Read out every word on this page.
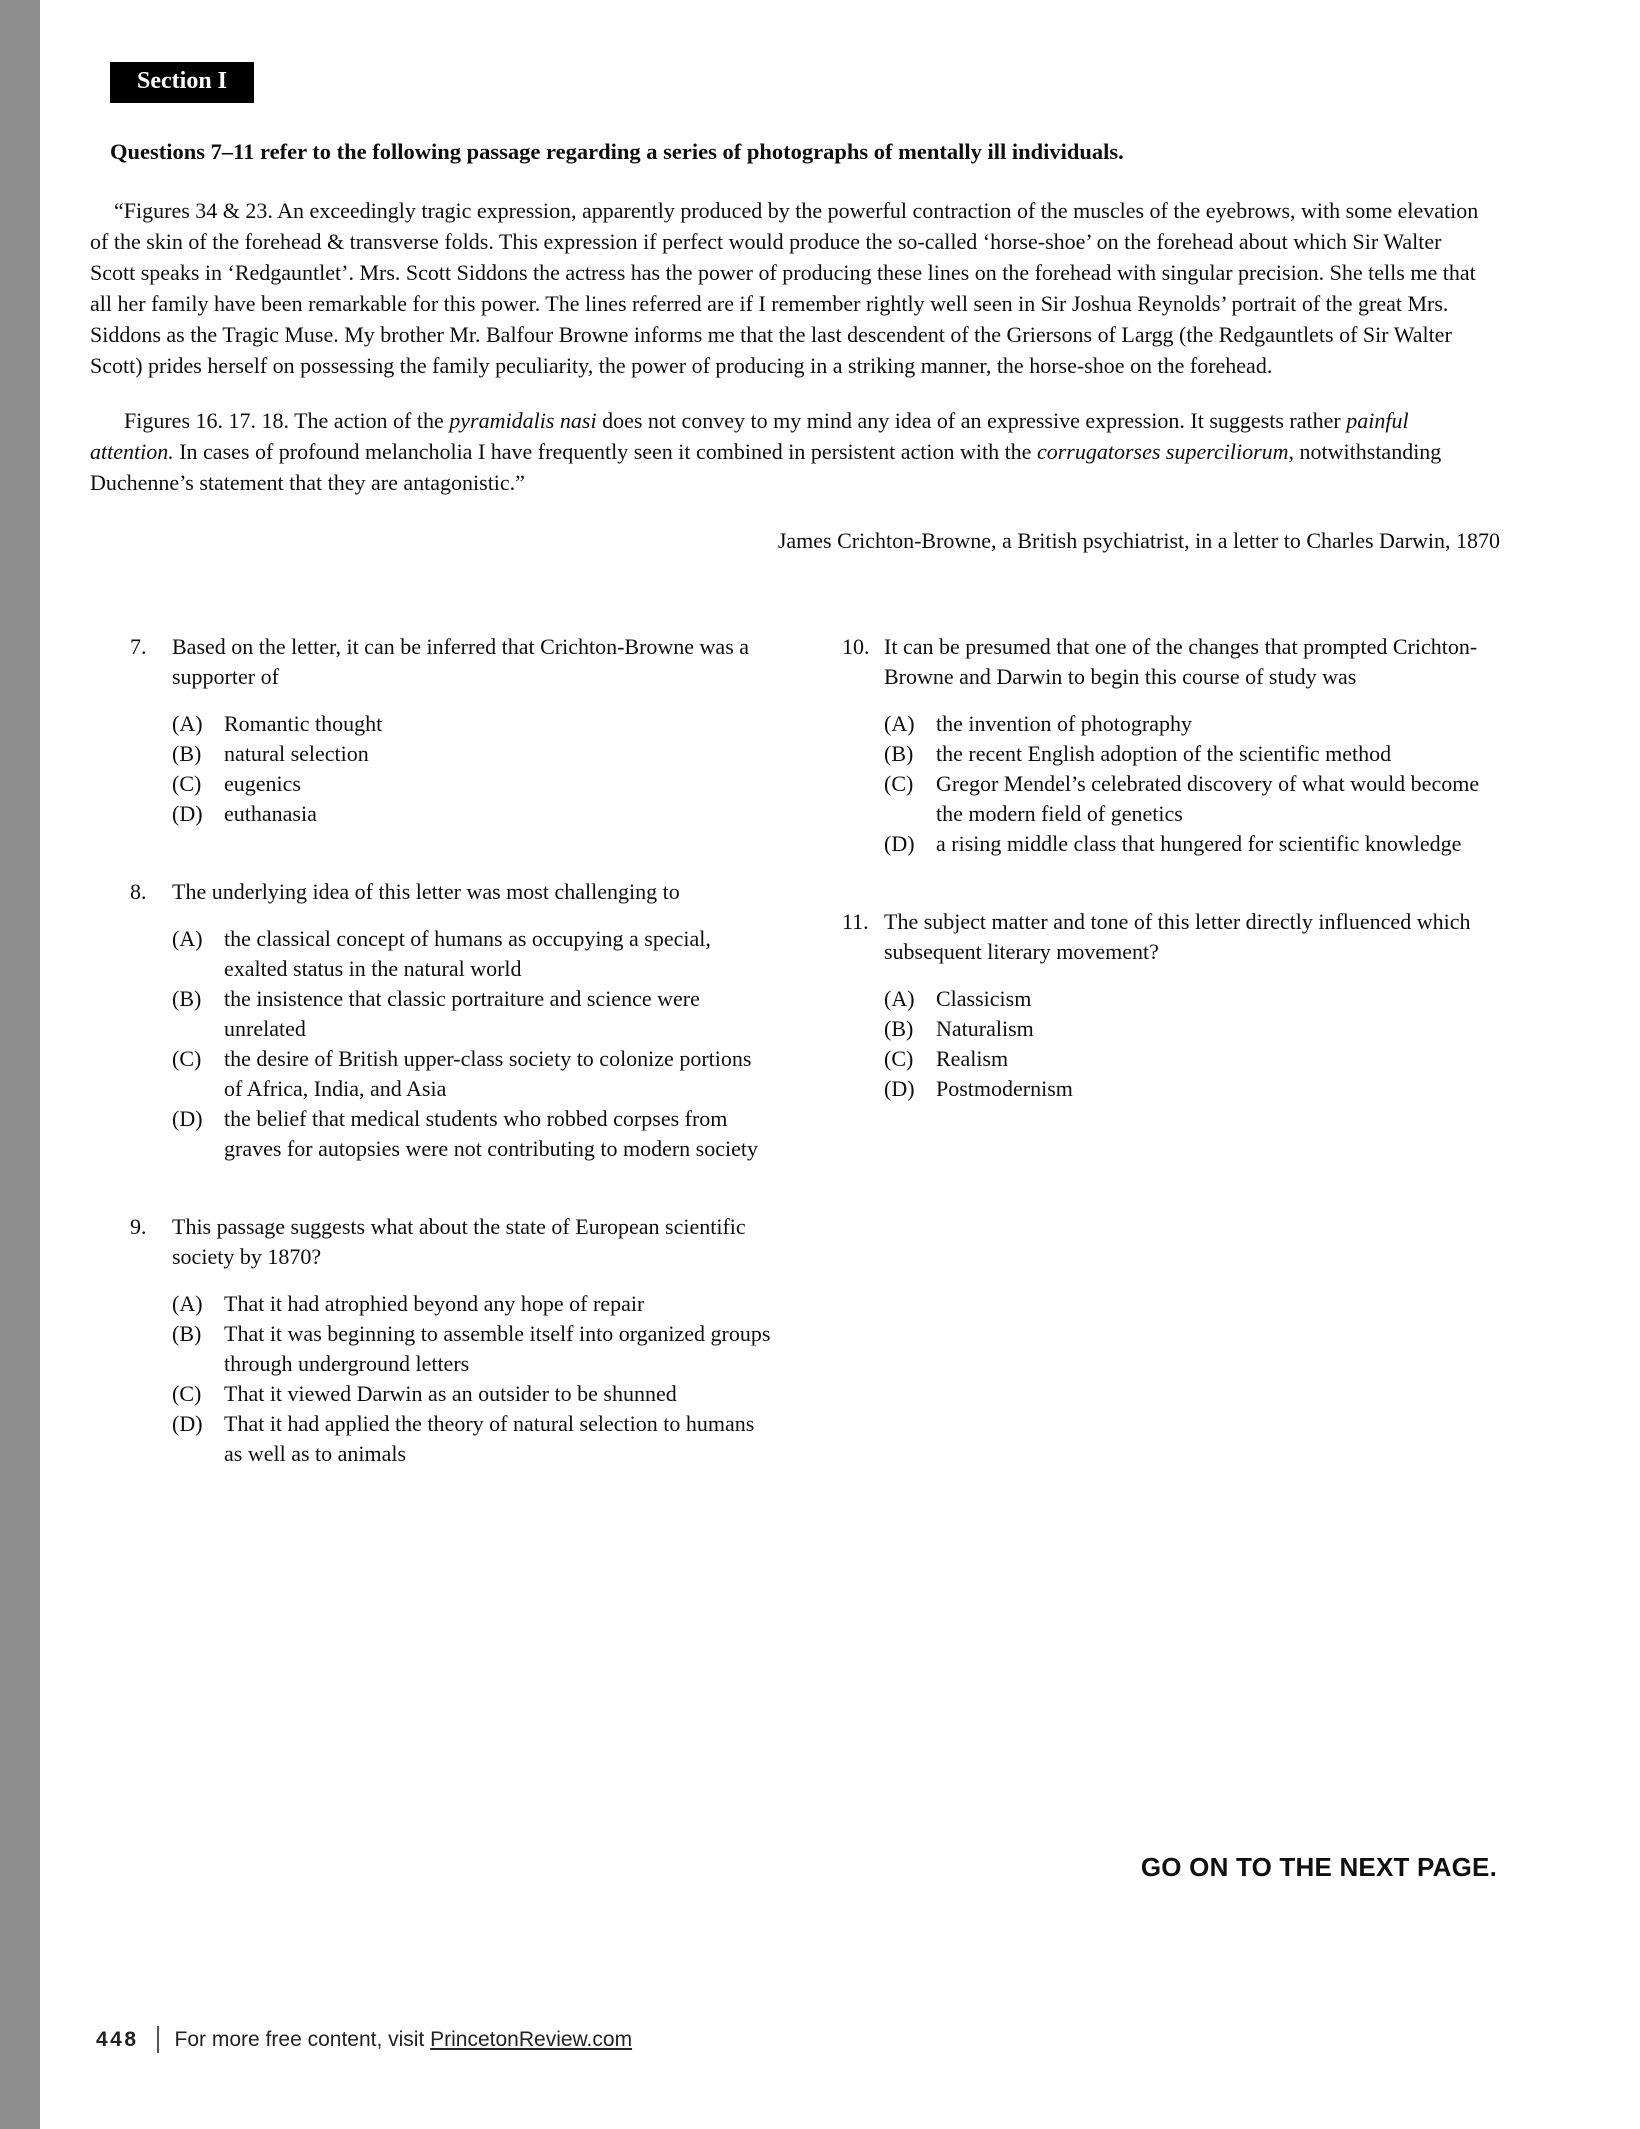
Section I

Questions 7–11 refer to the following passage regarding a series of photographs of mentally ill individuals.

“Figures 34 & 23. An exceedingly tragic expression, apparently produced by the powerful contraction of the muscles of the eyebrows, with some elevation of the skin of the forehead & transverse folds. This expression if perfect would produce the so-called ‘horse-shoe’ on the forehead about which Sir Walter Scott speaks in ‘Redgauntlet’. Mrs. Scott Siddons the actress has the power of producing these lines on the forehead with singular precision. She tells me that all her family have been remarkable for this power. The lines referred are if I remember rightly well seen in Sir Joshua Reynolds’ portrait of the great Mrs. Siddons as the Tragic Muse. My brother Mr. Balfour Browne informs me that the last descendent of the Griersons of Largg (the Redgauntlets of Sir Walter Scott) prides herself on possessing the family peculiarity, the power of producing in a striking manner, the horse-shoe on the forehead.

Figures 16. 17. 18. The action of the pyramidalis nasi does not convey to my mind any idea of an expressive expression. It suggests rather painful attention. In cases of profound melancholia I have frequently seen it combined in persistent action with the corrugatorses superciliorum, notwithstanding Duchenne’s statement that they are antagonistic.”

James Crichton-Browne, a British psychiatrist, in a letter to Charles Darwin, 1870

7.	Based on the letter, it can be inferred that Crichton-Browne was a supporter of
(A) Romantic thought
(B)	natural selection
(C)	eugenics
(D) euthanasia
8.	The underlying idea of this letter was most challenging to
(A) the classical concept of humans as occupying a special, exalted status in the natural world
(B)	the insistence that classic portraiture and science were unrelated
(C)	the desire of British upper-class society to colonize portions of Africa, India, and Asia
(D) the belief that medical students who robbed corpses from graves for autopsies were not contributing to modern society
9.	This passage suggests what about the state of European scientific society by 1870?
(A) That it had atrophied beyond any hope of repair
(B)	That it was beginning to assemble itself into organized groups through underground letters
(C)	That it viewed Darwin as an outsider to be shunned
(D) That it had applied the theory of natural selection to humans as well as to animals
10. It can be presumed that one of the changes that prompted Crichton-Browne and Darwin to begin this course of study was
(A) the invention of photography
(B)	the recent English adoption of the scientific method
(C)	Gregor Mendel’s celebrated discovery of what would become the modern field of genetics
(D) a rising middle class that hungered for scientific knowledge
11. The subject matter and tone of this letter directly influenced which subsequent literary movement?
(A) Classicism
(B)	Naturalism
(C)	Realism
(D) Postmodernism
GO ON TO THE NEXT PAGE.
448 For more free content, visit PrincetonReview.com
